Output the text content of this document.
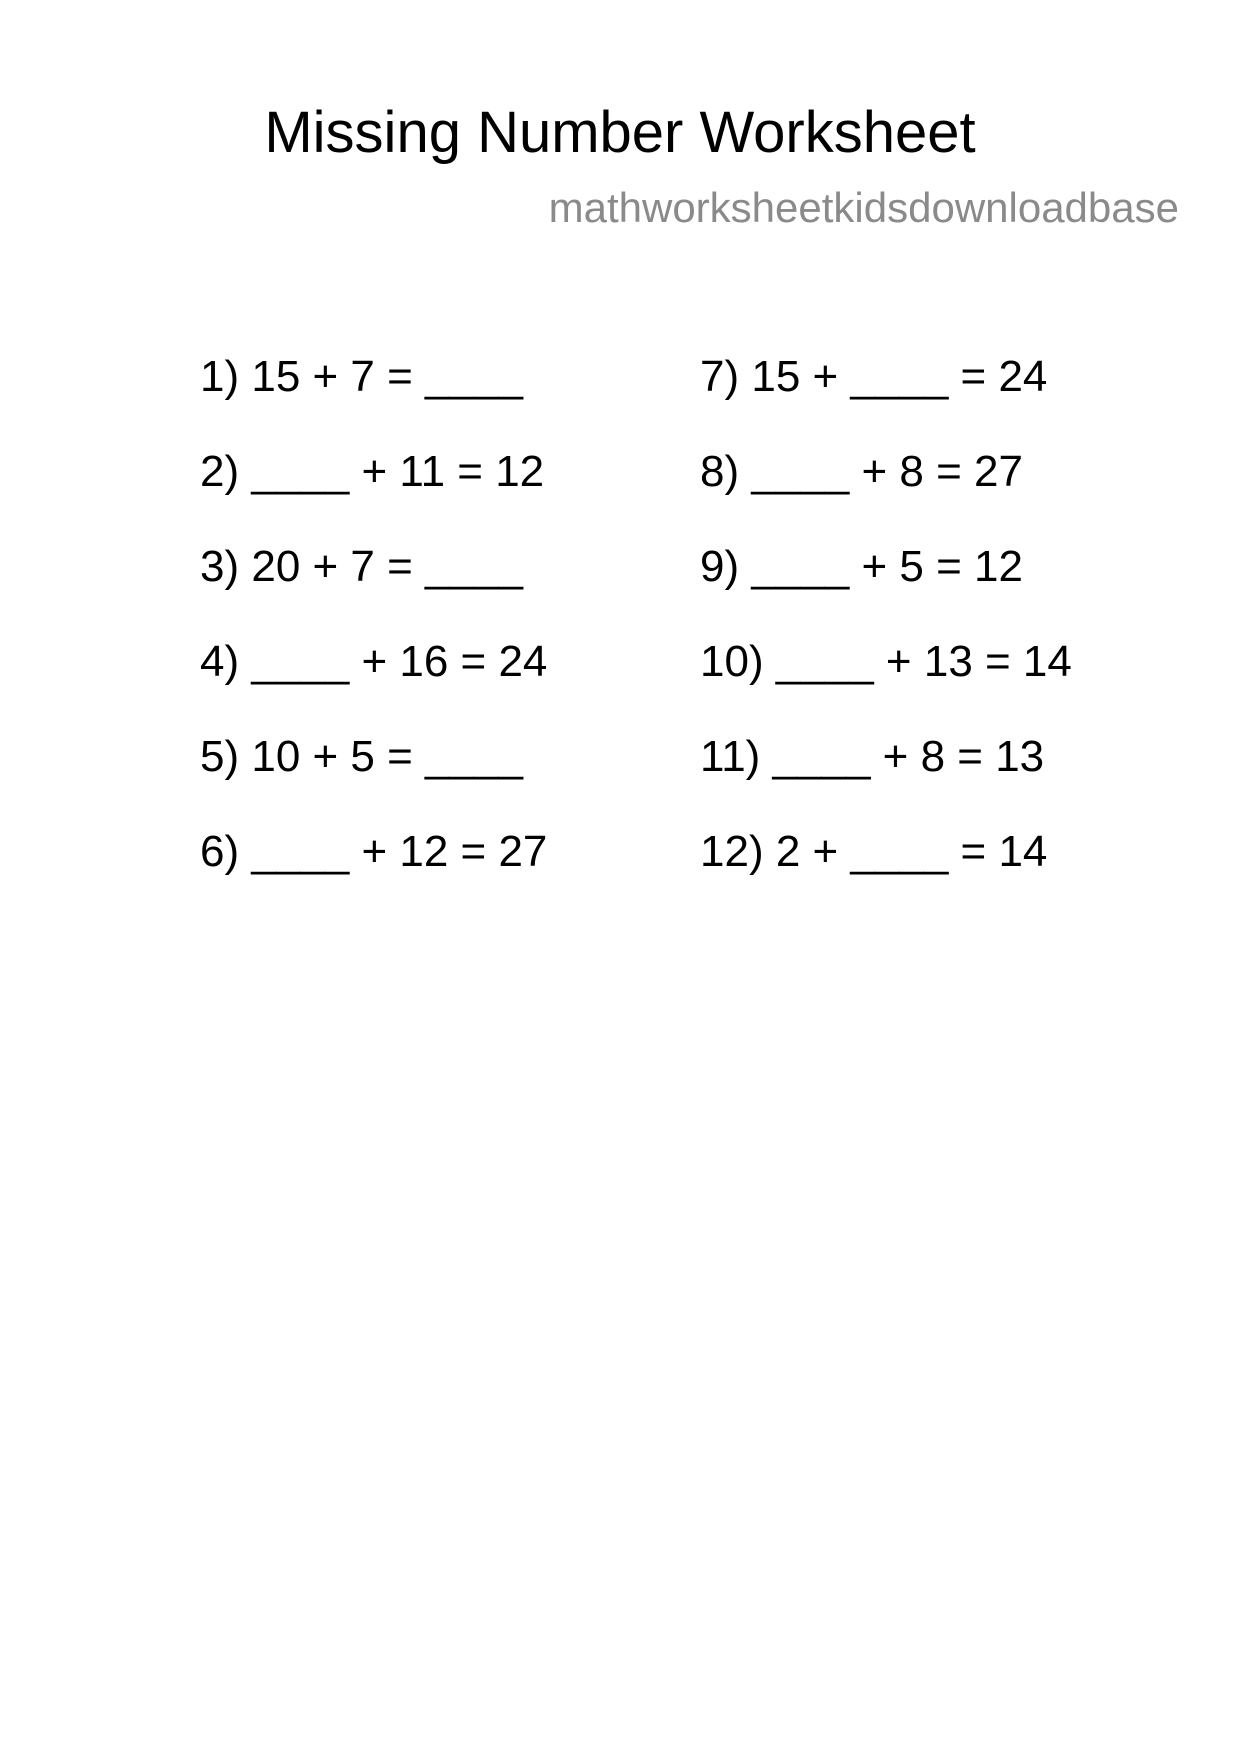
Missing Number Worksheet
mathworksheetkidsdownloadbase
1) 15 + 7 = ____
2) ____ + 11 = 12
3) 20 + 7 = ____
4) ____ + 16 = 24
5) 10 + 5 = ____
6) ____ + 12 = 27
7) 15 + ____ = 24
8) ____ + 8 = 27
9) ____ + 5 = 12
10) ____ + 13 = 14
11) ____ + 8 = 13
12) 2 + ____ = 14
